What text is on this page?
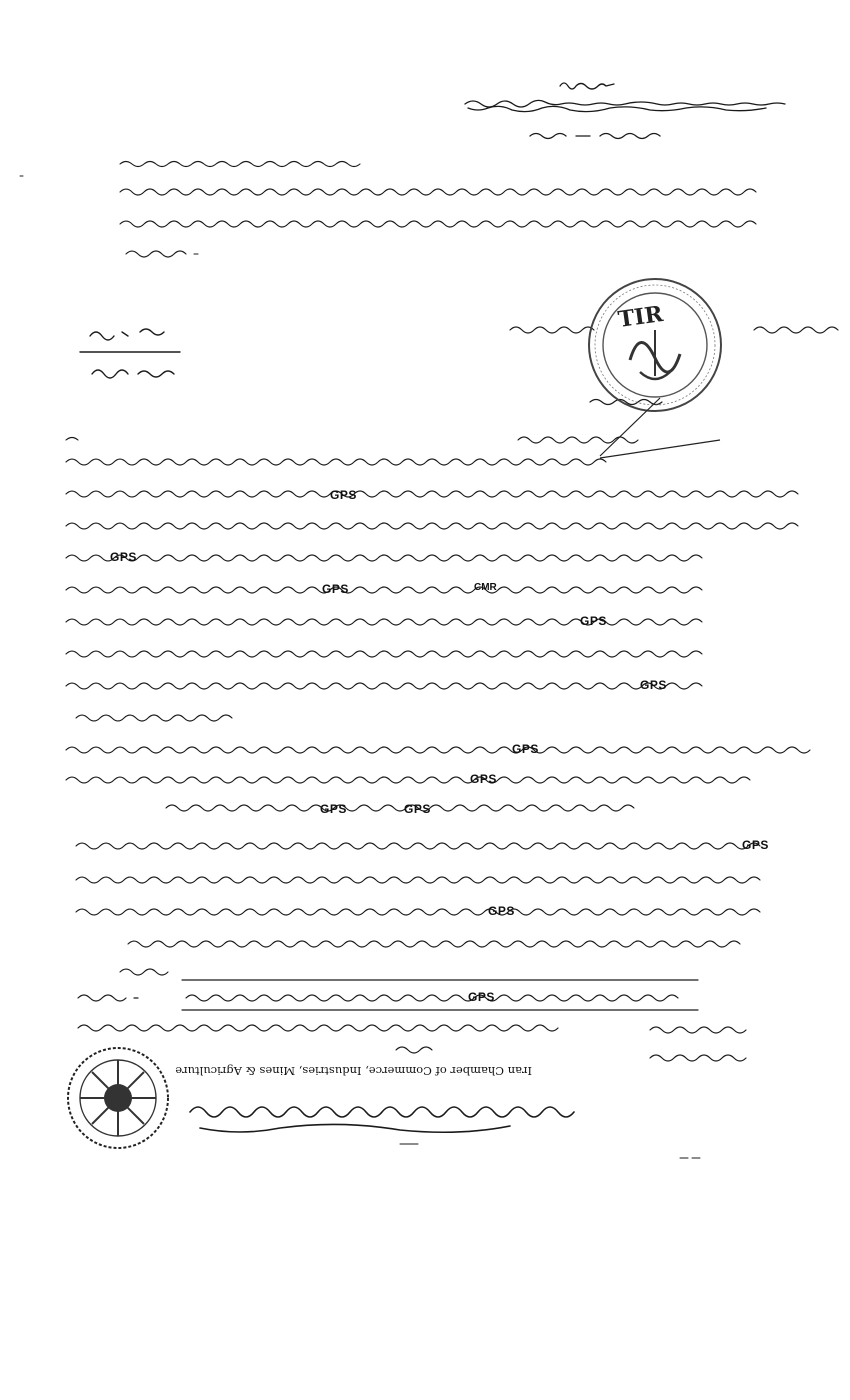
GPS
GPS
GPS
GPS
GPS
GPS
GPS
GPS	GPS
GPS
GPS
GPS
CMR
TIR
Iran Chamber of Commerce, Industries, Mines & Agriculture
